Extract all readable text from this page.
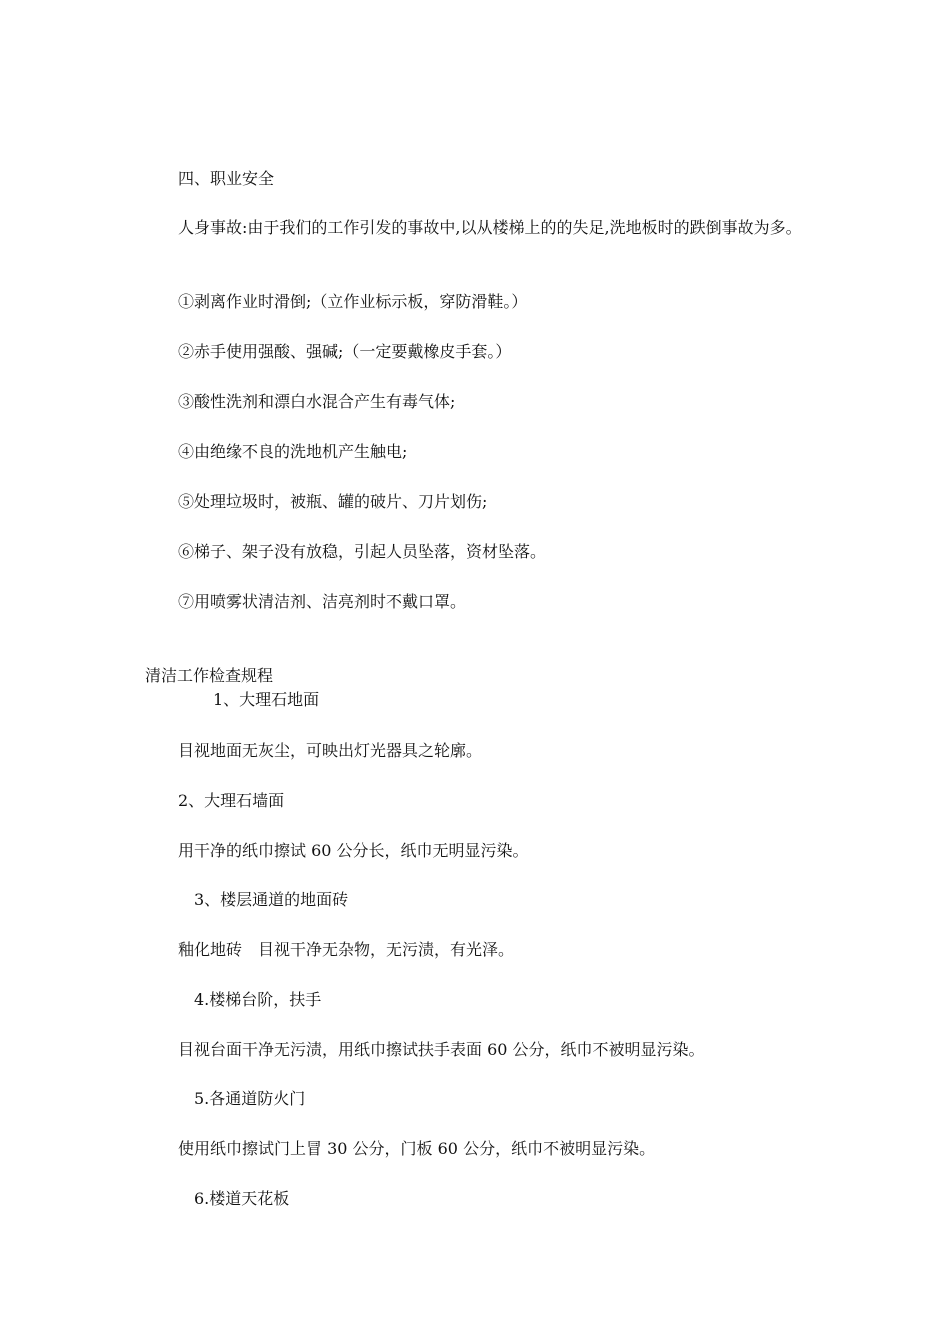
四、职业安全
人身事故:由于我们的工作引发的事故中,以从楼梯上的的失足,洗地板时的跌倒事故为多。
①剥离作业时滑倒;（立作业标示板，穿防滑鞋。）
②赤手使用强酸、强碱;（一定要戴橡皮手套。）
③酸性洗剂和漂白水混合产生有毒气体;
④由绝缘不良的洗地机产生触电;
⑤处理垃圾时，被瓶、罐的破片、刀片划伤;
⑥梯子、架子没有放稳，引起人员坠落，资材坠落。
⑦用喷雾状清洁剂、洁亮剂时不戴口罩。
清洁工作检查规程
1、大理石地面
目视地面无灰尘，可映出灯光器具之轮廓。
2、大理石墙面
用干净的纸巾擦试 60 公分长，纸巾无明显污染。
3、楼层通道的地面砖
釉化地砖　目视干净无杂物，无污渍，有光泽。
4.楼梯台阶，扶手
目视台面干净无污渍，用纸巾擦试扶手表面 60 公分，纸巾不被明显污染。
5.各通道防火门
使用纸巾擦试门上冒 30 公分，门板 60 公分，纸巾不被明显污染。
6.楼道天花板
